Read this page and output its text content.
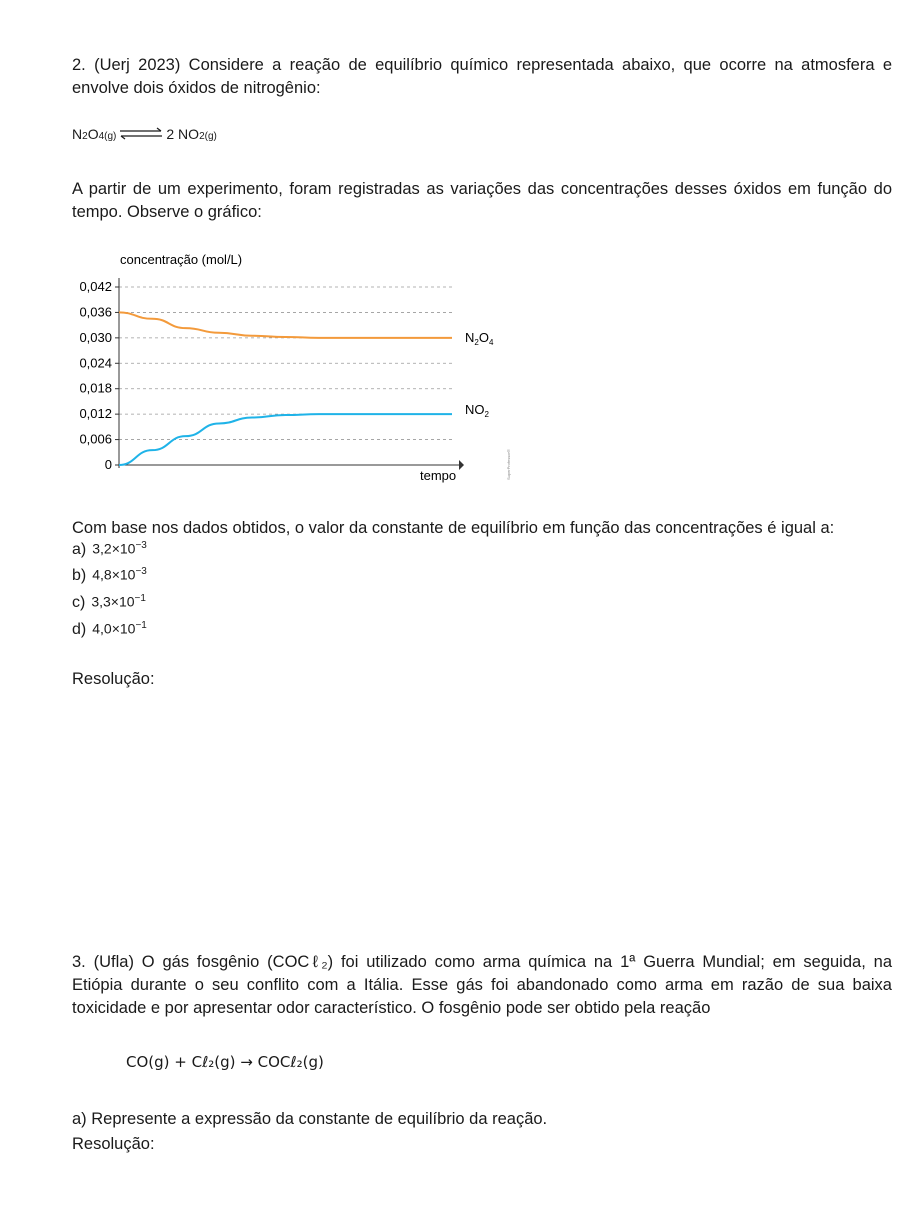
2. (Uerj 2023) Considere a reação de equilíbrio químico representada abaixo, que ocorre na atmosfera e

envolve dois óxidos de nitrogênio:

N 2 O 4(g) ⇌ 2 NO 2(g)

A partir de um experimento, foram registradas as variações das concentrações desses óxidos em função do

tempo. Observe o gráfico:

concentração (mol/L)
0
0,006
0,012
0,018
0,024
0,030
0,036
0,042
tempo
$N_2O_4$
$NO_2$
SuperProfessor®

Com base nos dados obtidos, o valor da constante de equilíbrio em função das concentrações é igual a:

a) $3,2\times 10^{-3}$
b) $4,8\times 10^{-3}$
c) $3,3\times 10^{-1}$
d) $4,0\times 10^{-1}$
Resolução:

3. (Ufla) O gás fosgênio (COCℓ₂) foi utilizado como arma química na 1ª Guerra Mundial; em seguida, na

Etiópia durante o seu conflito com a Itália. Esse gás foi abandonado como arma em razão de sua baixa

toxicidade e por apresentar odor característico. O fosgênio pode ser obtido pela reação

CO(g) + Cℓ₂(g) → COCℓ₂(g)

a) Represente a expressão da constante de equilíbrio da reação.

Resolução:
